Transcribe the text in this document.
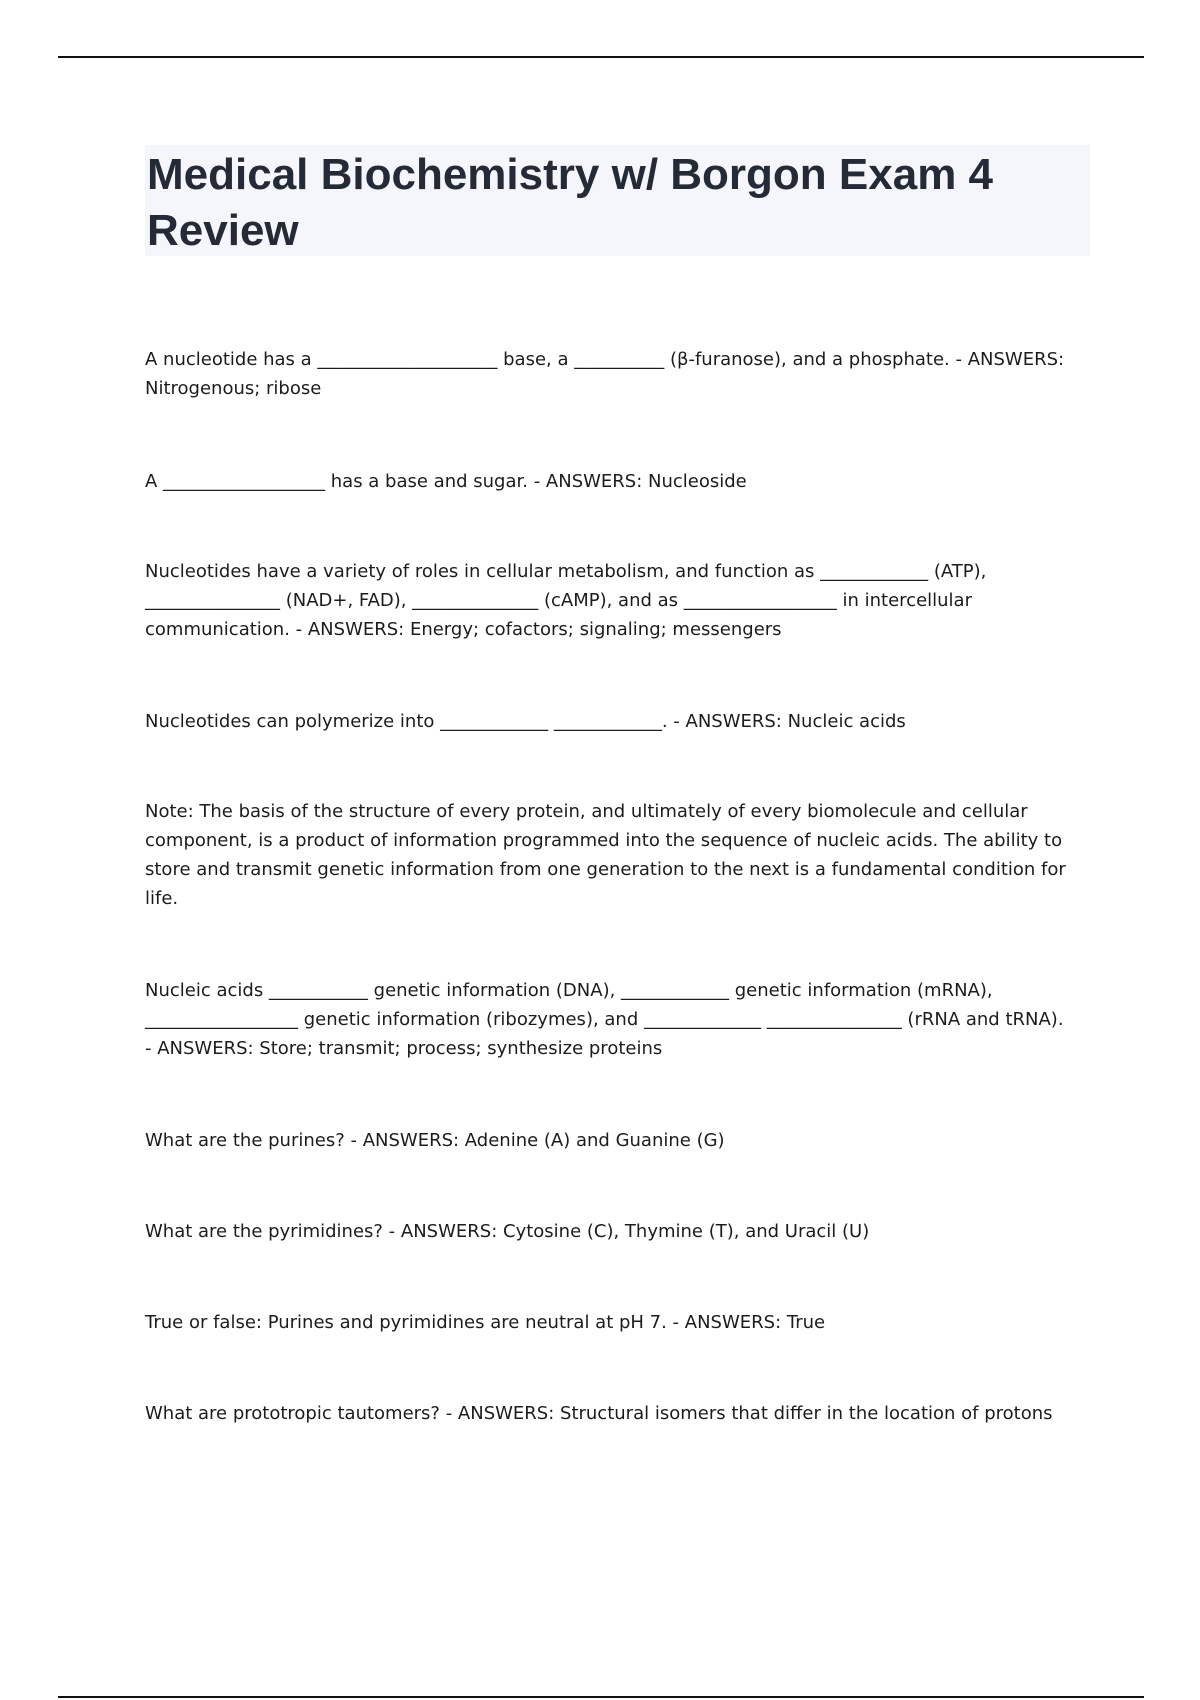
Medical Biochemistry w/ Borgon Exam 4 Review

A nucleotide has a ____________________ base, a __________ (β-furanose), and a phosphate. - ANSWERS: Nitrogenous; ribose

A __________________ has a base and sugar. - ANSWERS: Nucleoside

Nucleotides have a variety of roles in cellular metabolism, and function as ____________ (ATP), _______________ (NAD+, FAD), ______________ (cAMP), and as _________________ in intercellular communication. - ANSWERS: Energy; cofactors; signaling; messengers

Nucleotides can polymerize into ____________ ____________. - ANSWERS: Nucleic acids

Note: The basis of the structure of every protein, and ultimately of every biomolecule and cellular component, is a product of information programmed into the sequence of nucleic acids. The ability to store and transmit genetic information from one generation to the next is a fundamental condition for life.

Nucleic acids ___________ genetic information (DNA), ____________ genetic information (mRNA), _________________ genetic information (ribozymes), and _____________ _______________ (rRNA and tRNA). - ANSWERS: Store; transmit; process; synthesize proteins

What are the purines? - ANSWERS: Adenine (A) and Guanine (G)

What are the pyrimidines? - ANSWERS: Cytosine (C), Thymine (T), and Uracil (U)

True or false: Purines and pyrimidines are neutral at pH 7. - ANSWERS: True

What are prototropic tautomers? - ANSWERS: Structural isomers that differ in the location of protons
